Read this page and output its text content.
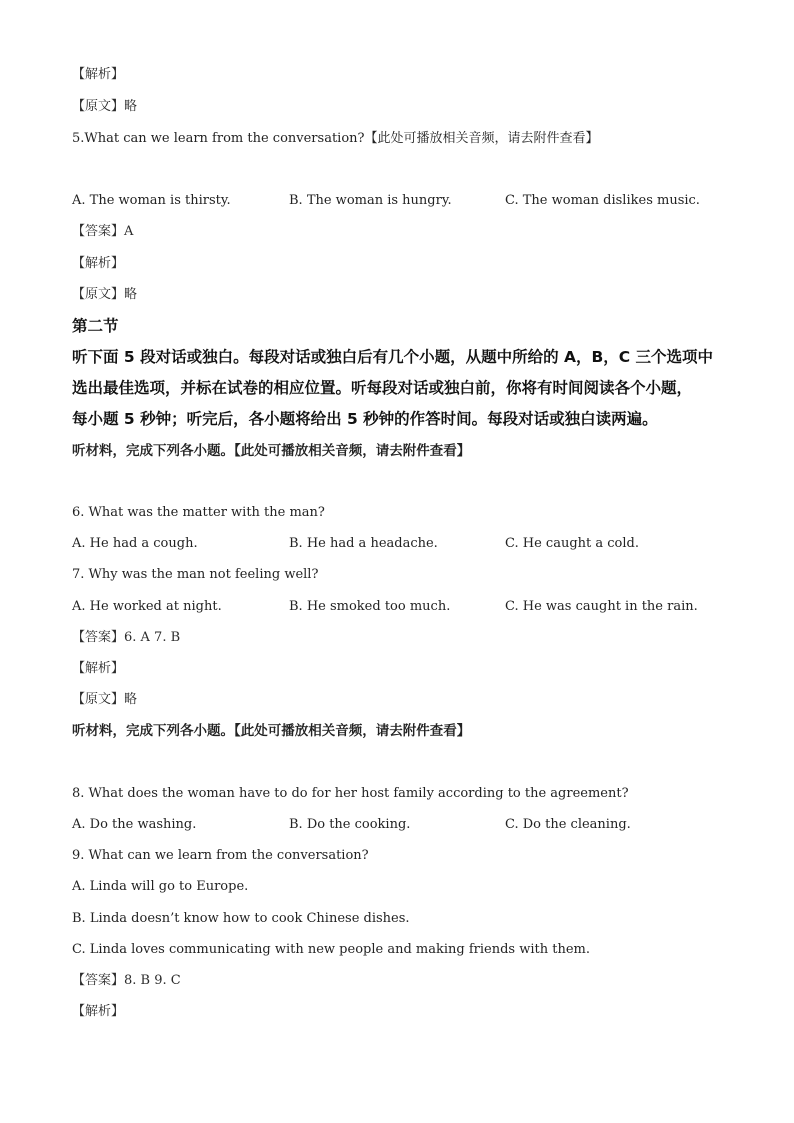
【解析】
【原文】略
5.What can we learn from the conversation?【此处可播放相关音频，请去附件查看】
A. The woman is thirsty.	B. The woman is hungry.	C. The woman dislikes music.
【答案】A
【解析】
【原文】略
第二节
听下面 5 段对话或独白。每段对话或独白后有几个小题，从题中所给的 A，B，C 三个选项中
选出最佳选项，并标在试卷的相应位置。听每段对话或独白前，你将有时间阅读各个小题，
每小题 5 秒钟；听完后，各小题将给出 5 秒钟的作答时间。每段对话或独白读两遍。
听材料，完成下列各小题。【此处可播放相关音频，请去附件查看】
6. What was the matter with the man?
A. He had a cough.	B. He had a headache.	C. He caught a cold.
7. Why was the man not feeling well?
A. He worked at night.	B. He smoked too much.	C. He was caught in the rain.
【答案】6. A 7. B
【解析】
【原文】略
听材料，完成下列各小题。【此处可播放相关音频，请去附件查看】
8. What does the woman have to do for her host family according to the agreement?
A. Do the washing.	B. Do the cooking.	C. Do the cleaning.
9. What can we learn from the conversation?
A. Linda will go to Europe.
B. Linda doesn’t know how to cook Chinese dishes.
C. Linda loves communicating with new people and making friends with them.
【答案】8. B 9. C
【解析】
